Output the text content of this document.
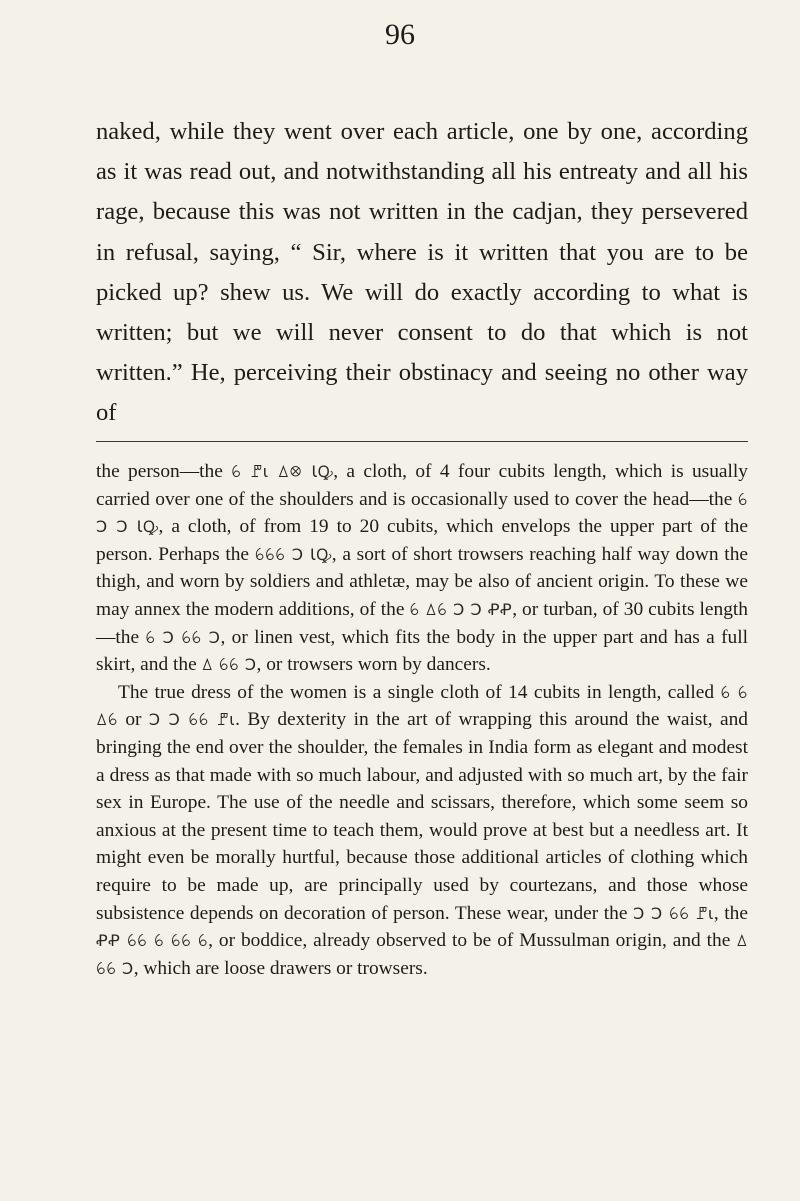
96

naked, while they went over each article, one by one, according as it was read out, and notwithstanding all his entreaty and all his rage, because this was not written in the cadjan, they persevered in refusal, saying, “ Sir, where is it written that you are to be picked up? shew us. We will do exactly according to what is written; but we will never consent to do that which is not written.” He, perceiving their obstinacy and seeing no other way of

the person—the ꕃ ꘝꙇ ꕔꕕ ꙆꝘ, a cloth, of 4 four cubits length, which is usually carried over one of the shoulders and is occasionally used to cover the head—the ꕃ ꓛ ꓛ ꙆꝘ, a cloth, of from 19 to 20 cubits, which envelops the upper part of the person. Perhaps the ꕃꕃꕃ ꓛ ꙆꝘ, a sort of short trowsers reaching half way down the thigh, and worn by soldiers and athletæ, may be also of ancient origin. To these we may annex the modern additions, of the ꕃ ꕔꕃ ꓛ ꓛ ꝒꝒ, or turban, of 30 cubits length—the ꕃ ꓛ ꕃꕃ ꓛ, or linen vest, which fits the body in the upper part and has a full skirt, and the ꕔ ꕃꕃ ꓛ, or trowsers worn by dancers.

The true dress of the women is a single cloth of 14 cubits in length, called ꕃ ꕃ ꕔꕃ or ꓛ ꓛ ꕃꕃ ꘝꙇ. By dexterity in the art of wrapping this around the waist, and bringing the end over the shoulder, the females in India form as elegant and modest a dress as that made with so much labour, and adjusted with so much art, by the fair sex in Europe. The use of the needle and scissars, therefore, which some seem so anxious at the present time to teach them, would prove at best but a needless art. It might even be morally hurtful, because those additional articles of clothing which require to be made up, are principally used by courtezans, and those whose subsistence depends on decoration of person. These wear, under the ꓛ ꓛ ꕃꕃ ꘝꙇ, the ꝒꝒ ꕃꕃ ꕃ ꕃꕃ ꕃ, or boddice, already observed to be of Mussulman origin, and the ꕔ ꕃꕃ ꓛ, which are loose drawers or trowsers.
